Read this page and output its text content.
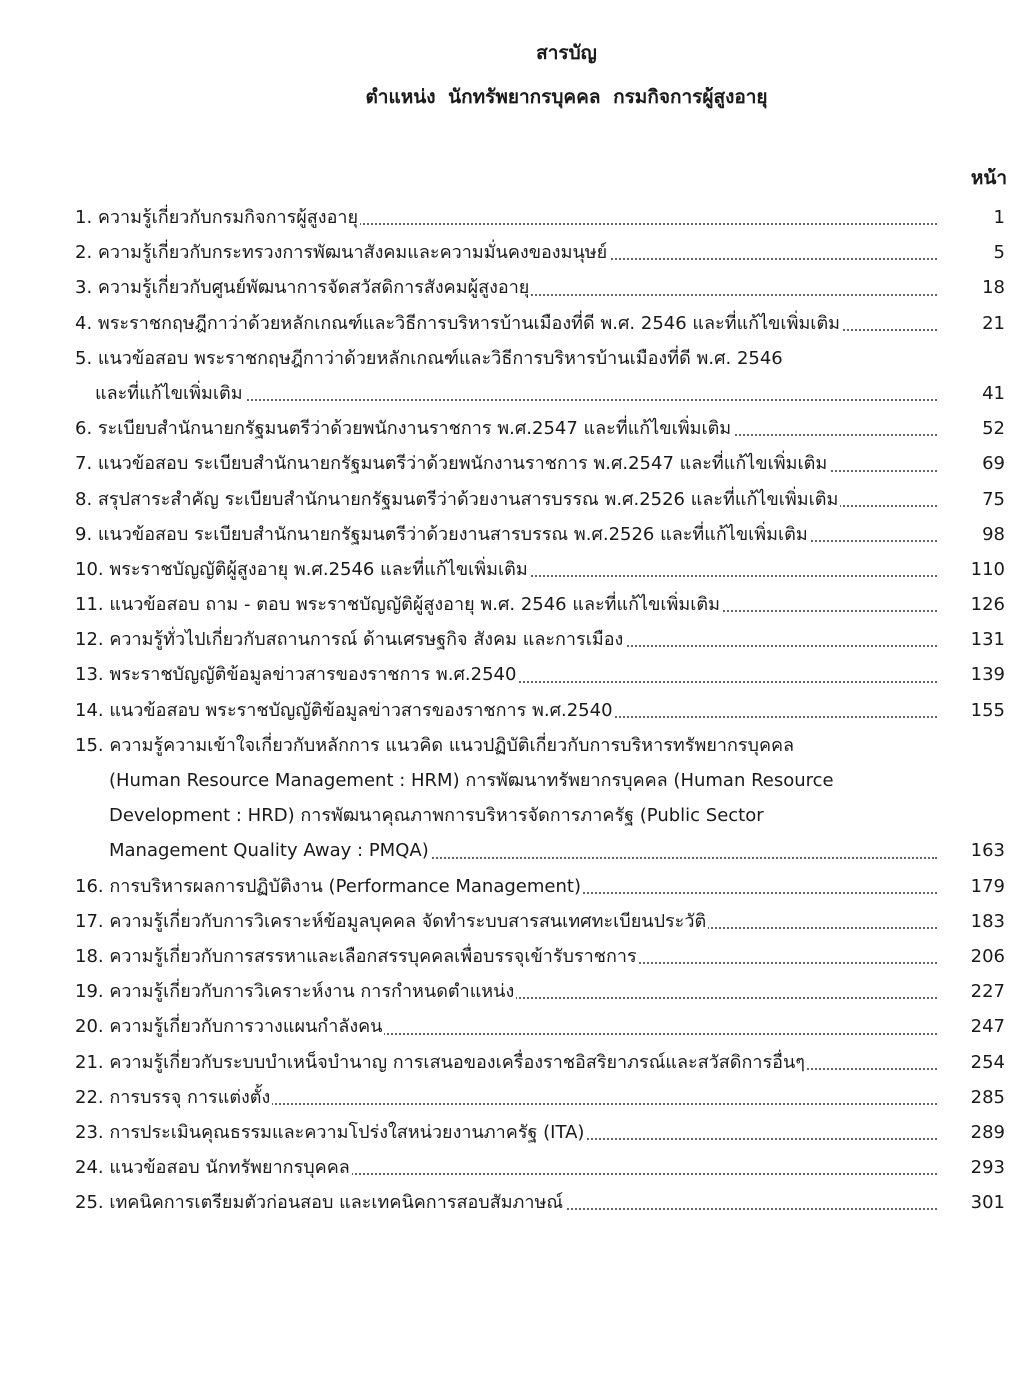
สารบัญ
ตำแหน่ง นักทรัพยากรบุคคล กรมกิจการผู้สูงอายุ
หน้า
1. ความรู้เกี่ยวกับกรมกิจการผู้สูงอายุ	1
2. ความรู้เกี่ยวกับกระทรวงการพัฒนาสังคมและความมั่นคงของมนุษย์	5
3. ความรู้เกี่ยวกับศูนย์พัฒนาการจัดสวัสดิการสังคมผู้สูงอายุ	18
4. พระราชกฤษฎีกาว่าด้วยหลักเกณฑ์และวิธีการบริหารบ้านเมืองที่ดี พ.ศ. 2546 และที่แก้ไขเพิ่มเติม	21
5. แนวข้อสอบ พระราชกฤษฎีกาว่าด้วยหลักเกณฑ์และวิธีการบริหารบ้านเมืองที่ดี พ.ศ. 2546
และที่แก้ไขเพิ่มเติม	41
6. ระเบียบสำนักนายกรัฐมนตรีว่าด้วยพนักงานราชการ พ.ศ.2547 และที่แก้ไขเพิ่มเติม	52
7. แนวข้อสอบ ระเบียบสำนักนายกรัฐมนตรีว่าด้วยพนักงานราชการ พ.ศ.2547 และที่แก้ไขเพิ่มเติม	69
8. สรุปสาระสำคัญ ระเบียบสำนักนายกรัฐมนตรีว่าด้วยงานสารบรรณ พ.ศ.2526 และที่แก้ไขเพิ่มเติม	75
9. แนวข้อสอบ ระเบียบสำนักนายกรัฐมนตรีว่าด้วยงานสารบรรณ พ.ศ.2526 และที่แก้ไขเพิ่มเติม	98
10. พระราชบัญญัติผู้สูงอายุ พ.ศ.2546 และที่แก้ไขเพิ่มเติม	110
11. แนวข้อสอบ ถาม - ตอบ พระราชบัญญัติผู้สูงอายุ พ.ศ. 2546 และที่แก้ไขเพิ่มเติม	126
12. ความรู้ทั่วไปเกี่ยวกับสถานการณ์ ด้านเศรษฐกิจ สังคม และการเมือง	131
13. พระราชบัญญัติข้อมูลข่าวสารของราชการ พ.ศ.2540	139
14. แนวข้อสอบ พระราชบัญญัติข้อมูลข่าวสารของราชการ พ.ศ.2540	155
15. ความรู้ความเข้าใจเกี่ยวกับหลักการ แนวคิด แนวปฏิบัติเกี่ยวกับการบริหารทรัพยากรบุคคล
(Human Resource Management : HRM) การพัฒนาทรัพยากรบุคคล (Human Resource
Development : HRD) การพัฒนาคุณภาพการบริหารจัดการภาครัฐ (Public Sector
Management Quality Away : PMQA)	163
16. การบริหารผลการปฏิบัติงาน (Performance Management)	179
17. ความรู้เกี่ยวกับการวิเคราะห์ข้อมูลบุคคล จัดทำระบบสารสนเทศทะเบียนประวัติ	183
18. ความรู้เกี่ยวกับการสรรหาและเลือกสรรบุคคลเพื่อบรรจุเข้ารับราชการ	206
19. ความรู้เกี่ยวกับการวิเคราะห์งาน การกำหนดตำแหน่ง	227
20. ความรู้เกี่ยวกับการวางแผนกำลังคน	247
21. ความรู้เกี่ยวกับระบบบำเหน็จบำนาญ การเสนอของเครื่องราชอิสริยาภรณ์และสวัสดิการอื่นๆ	254
22. การบรรจุ การแต่งตั้ง	285
23. การประเมินคุณธรรมและความโปร่งใสหน่วยงานภาครัฐ (ITA)	289
24. แนวข้อสอบ นักทรัพยากรบุคคล	293
25. เทคนิคการเตรียมตัวก่อนสอบ และเทคนิคการสอบสัมภาษณ์	301
